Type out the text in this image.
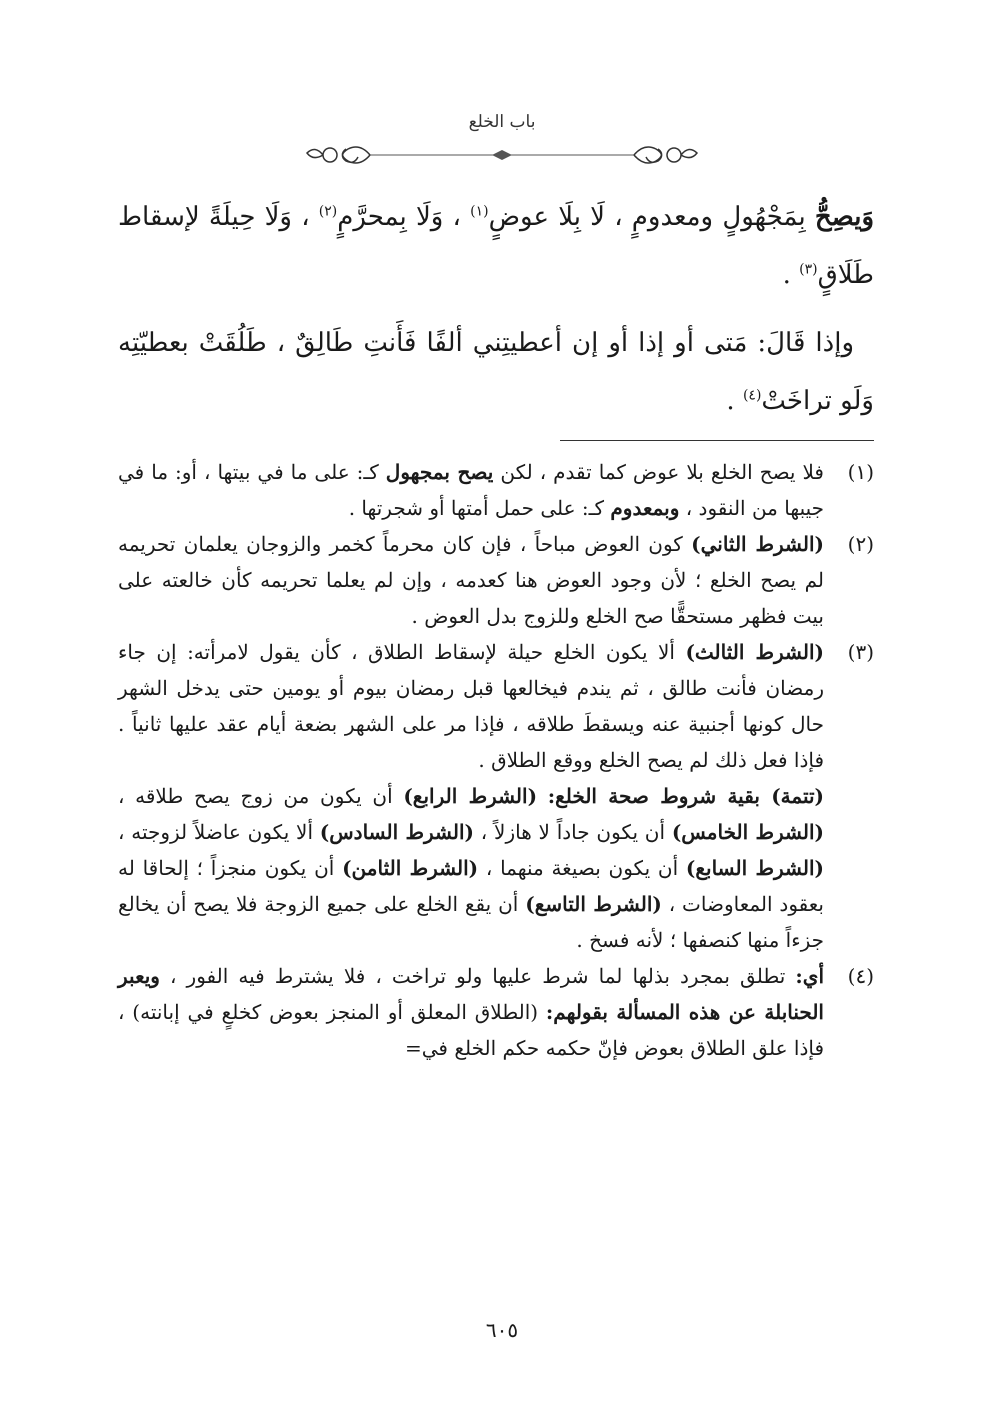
باب الخلع

وَيصِحُّ بِمَجْهُولٍ ومعدومٍ ، لَا بِلَا عوضٍ$^{(١)}$ ، وَلَا بِمحرَّمٍ$^{(٢)}$ ، وَلَا حِيلَةً لإسقاط طَلَاقٍ$^{(٣)}$ .

وإذا قَالَ: مَتى أو إذا أو إن أعطيتِني ألفًا فَأَنتِ طَالِقٌ ، طَلُقَتْ بعطيّتِه وَلَو تراخَتْ$^{(٤)}$ .

(١)
فلا يصح الخلع بلا عوض كما تقدم ، لكن يصح بمجهول كـ: على ما في بيتها ، أو: ما في جيبها من النقود ، وبمعدوم كـ: على حمل أمتها أو شجرتها .
(٢)
(الشرط الثاني) كون العوض مباحاً ، فإن كان محرماً كخمر والزوجان يعلمان تحريمه لم يصح الخلع ؛ لأن وجود العوض هنا كعدمه ، وإن لم يعلما تحريمه كأن خالعته على بيت فظهر مستحقًّا صح الخلع وللزوج بدل العوض .
(٣)
(الشرط الثالث) ألا يكون الخلع حيلة لإسقاط الطلاق ، كأن يقول لامرأته: إن جاء رمضان فأنت طالق ، ثم يندم فيخالعها قبل رمضان بيوم أو يومين حتى يدخل الشهر حال كونها أجنبية عنه ويسقطَ طلاقه ، فإذا مر على الشهر بضعة أيام عقد عليها ثانياً . فإذا فعل ذلك لم يصح الخلع ووقع الطلاق .
(تتمة) بقية شروط صحة الخلع: (الشرط الرابع) أن يكون من زوج يصح طلاقه ، (الشرط الخامس) أن يكون جاداً لا هازلاً ، (الشرط السادس) ألا يكون عاضلاً لزوجته ، (الشرط السابع) أن يكون بصيغة منهما ، (الشرط الثامن) أن يكون منجزاً ؛ إلحاقا له بعقود المعاوضات ، (الشرط التاسع) أن يقع الخلع على جميع الزوجة فلا يصح أن يخالع جزءاً منها كنصفها ؛ لأنه فسخ .
(٤)
أي: تطلق بمجرد بذلها لما شرط عليها ولو تراخت ، فلا يشترط فيه الفور ، ويعبر الحنابلة عن هذه المسألة بقولهم: (الطلاق المعلق أو المنجز بعوض كخلعٍ في إبانته) ، فإذا علق الطلاق بعوض فإنّ حكمه حكم الخلع في=
٦٠٥
